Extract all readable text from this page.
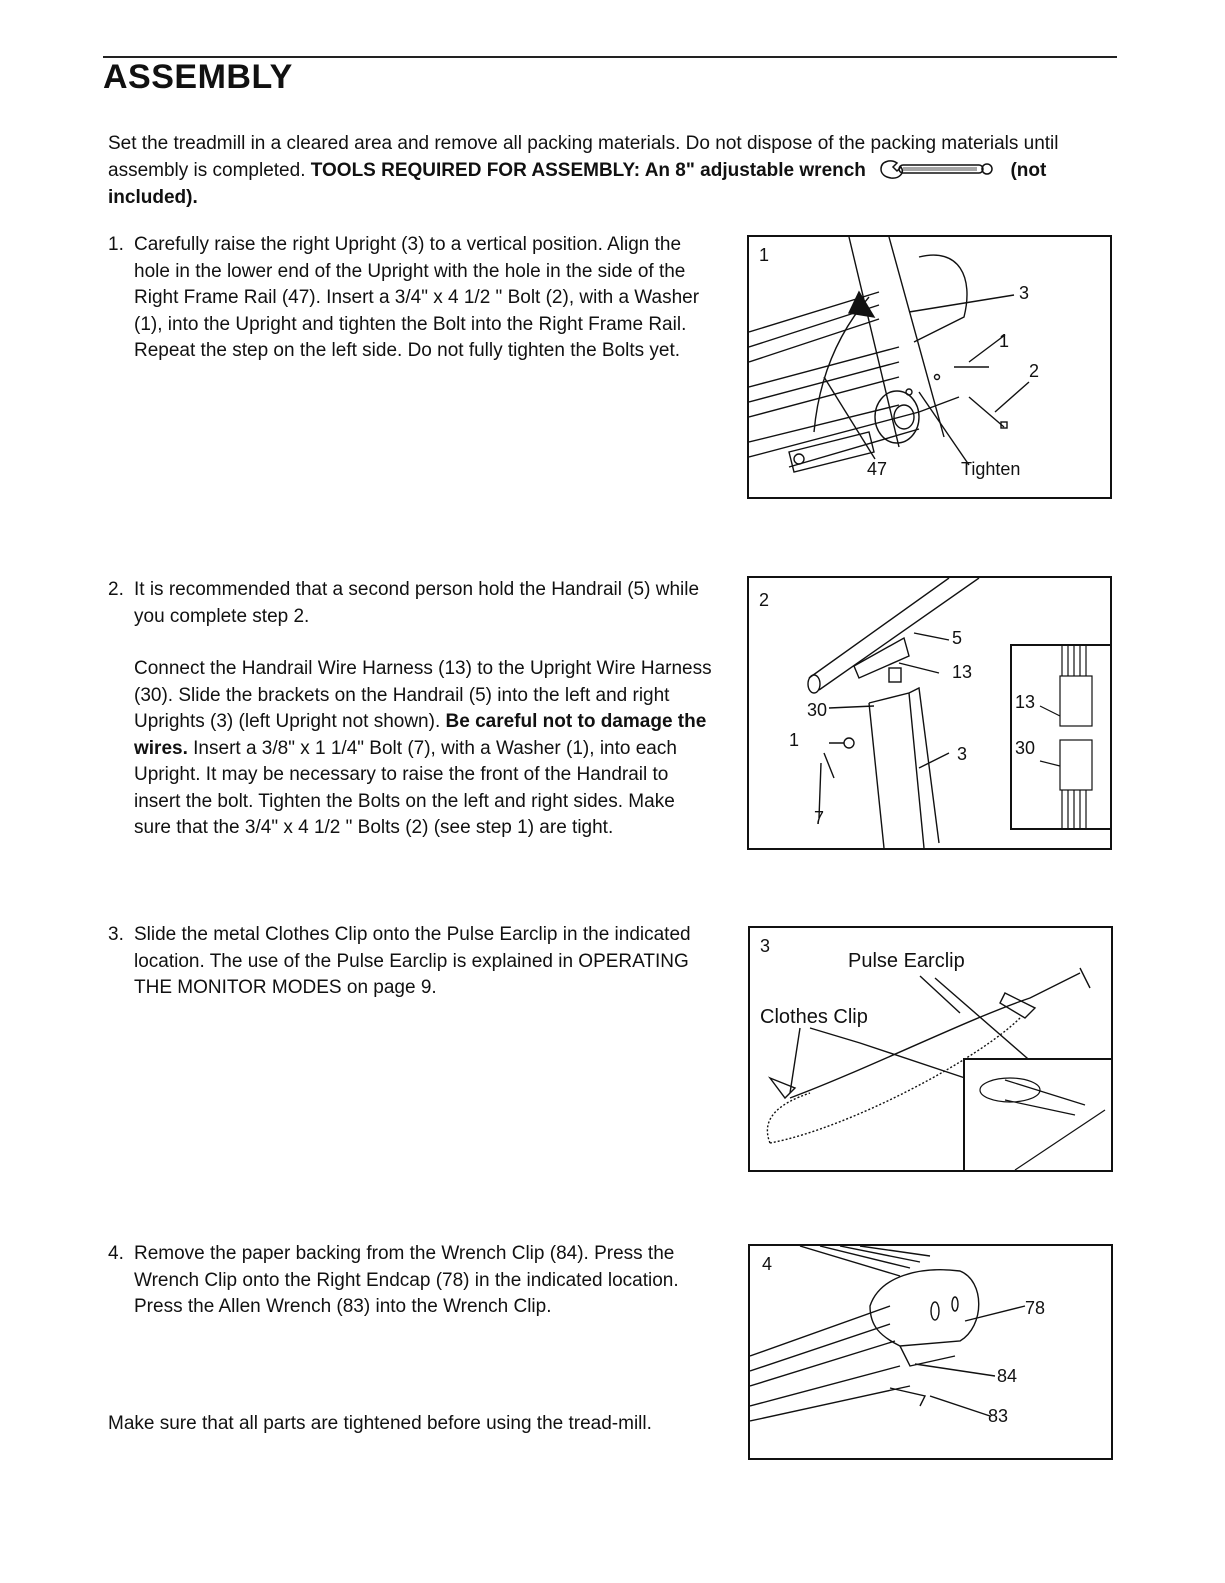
ASSEMBLY
Set the treadmill in a cleared area and remove all packing materials. Do not dispose of the packing materials until assembly is completed. TOOLS REQUIRED FOR ASSEMBLY: An 8" adjustable wrench	(not included).
1. Carefully raise the right Upright (3) to a vertical position. Align the hole in the lower end of the Upright with the hole in the side of the Right Frame Rail (47). Insert a 3/4" x 4 1/2 " Bolt (2), with a Washer (1), into the Upright and tighten the Bolt into the Right Frame Rail. Repeat the step on the left side. Do not fully tighten the Bolts yet.

2. It is recommended that a second person hold the Handrail (5) while you complete step 2.

Connect the Handrail Wire Harness (13) to the Upright Wire Harness (30). Slide the brackets on the Handrail (5) into the left and right Uprights (3) (left Upright not shown). Be careful not to damage the wires. Insert a 3/8" x 1 1/4" Bolt (7), with a Washer (1), into each Upright. It may be necessary to raise the front of the Handrail to insert the bolt. Tighten the Bolts on the left and right sides. Make sure that the 3/4" x 4 1/2 " Bolts (2) (see step 1) are tight.

3. Slide the metal Clothes Clip onto the Pulse Earclip in the indicated location. The use of the Pulse Earclip is explained in OPERATING THE MONITOR MODES on page 9.

4. Remove the paper backing from the Wrench Clip (84). Press the Wrench Clip onto the Right Endcap (78) in the indicated location. Press the Allen Wrench (83) into the Wrench Clip.

Make sure that all parts are tightened before using the tread-mill.

1
3
1
2
47	Tighten
2
5
13
30
1
3
7
13
30
3
Pulse Earclip
Clothes Clip
4
78
84
83
